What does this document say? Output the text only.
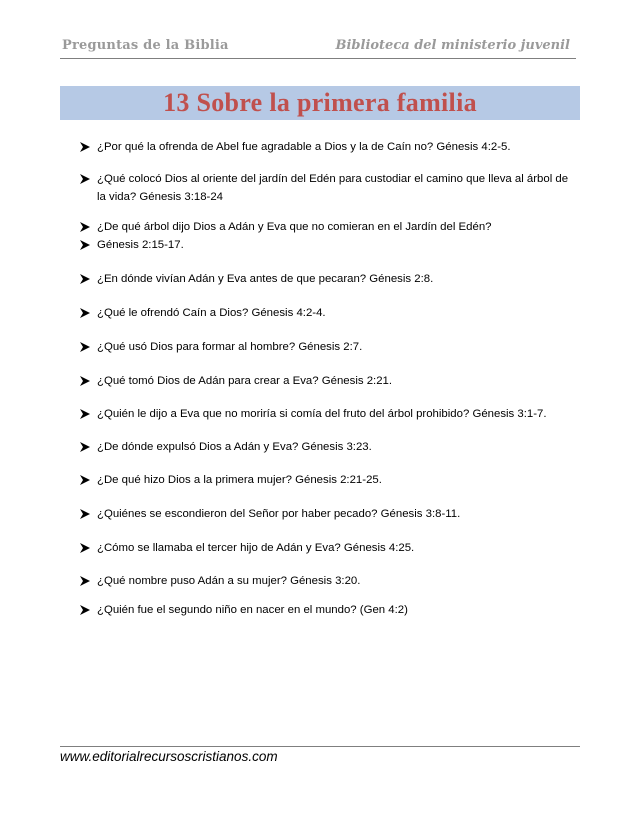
Preguntas de la Biblia	Biblioteca del ministerio juvenil
13 Sobre la primera familia
¿Por qué la ofrenda de Abel fue agradable a Dios y la de Caín no? Génesis 4:2-5.
¿Qué colocó Dios al oriente del jardín del Edén para custodiar el camino que lleva al árbol de la vida? Génesis 3:18-24
¿De qué árbol dijo Dios a Adán y Eva que no comieran en el Jardín del Edén?
Génesis 2:15-17.
¿En dónde vivían Adán y Eva antes de que pecaran? Génesis 2:8.
¿Qué le ofrendó Caín a Dios? Génesis 4:2-4.
¿Qué usó Dios para formar al hombre? Génesis 2:7.
¿Qué tomó Dios de Adán para crear a Eva? Génesis 2:21.
¿Quién le dijo a Eva que no moriría si comía del fruto del árbol prohibido? Génesis 3:1-7.
¿De dónde expulsó Dios a Adán y Eva? Génesis 3:23.
¿De qué hizo Dios a la primera mujer? Génesis 2:21-25.
¿Quiénes se escondieron del Señor por haber pecado? Génesis 3:8-11.
¿Cómo se llamaba el tercer hijo de Adán y Eva? Génesis 4:25.
¿Qué nombre puso Adán a su mujer? Génesis 3:20.
¿Quién fue el segundo niño en nacer en el mundo? (Gen 4:2)
www.editorialrecursoscristianos.com
